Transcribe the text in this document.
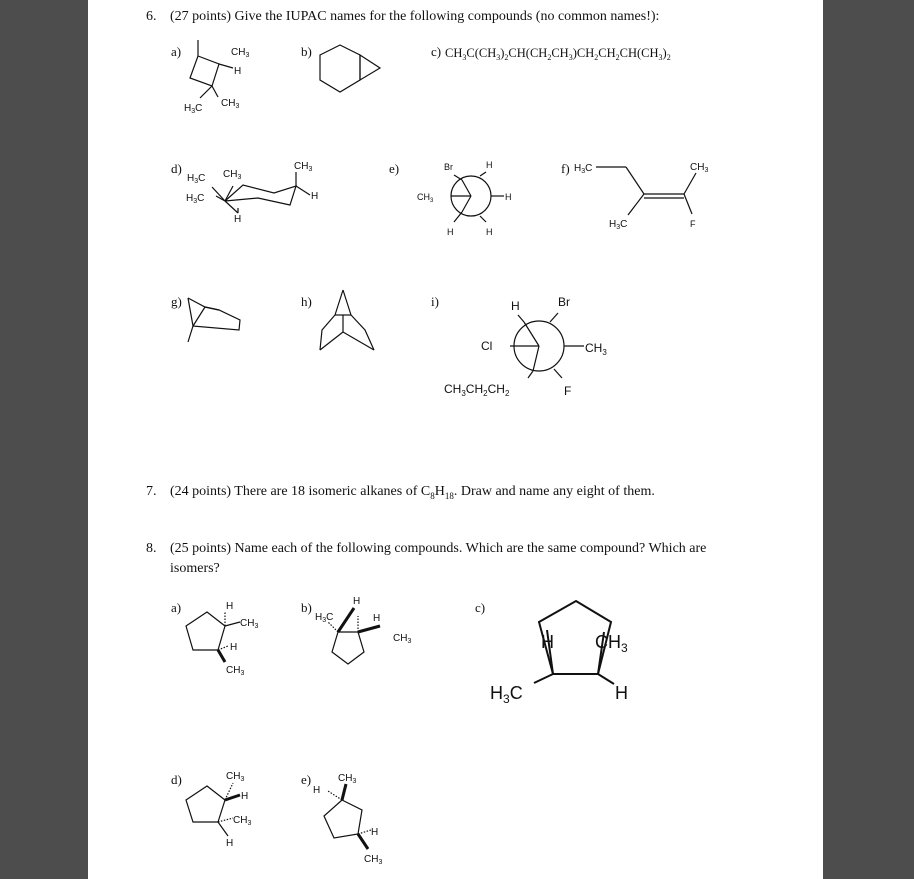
6. (27 points) Give the IUPAC names for the following compounds (no common names!):
a)	b)	c)
d)	e)	f)
g)	h)	i)
7. (24 points) There are 18 isomeric alkanes of $C_8H_{18}$. Draw and name any eight of them.
8. (25 points) Name each of the following compounds. Which are the same compound? Which are
isomers?
a)	b)	c)
d)	e)
$CH_3C(CH_3)_2CH(CH_2CH_3)CH_2CH_2CH(CH_3)_2$
$CH_3$
H
$CH_3$
$H_3C$
$CH_3$
H
$H_3C$ $CH_3$
$H_3C$
H
Br	H
$CH_3$	H
H	H
$H_3C$	$CH_3$
$H_3C$	F
H	Br
Cl	$CH_3$
$CH_3CH_2CH_2$	F
H
$CH_3$
H
$CH_3$
H
$H_3C$	H
$CH_3$	H $CH_3$
$H_3C$	H
$CH_3$
H
$CH_3$
H
$CH_3$
H
H
$CH_3$
